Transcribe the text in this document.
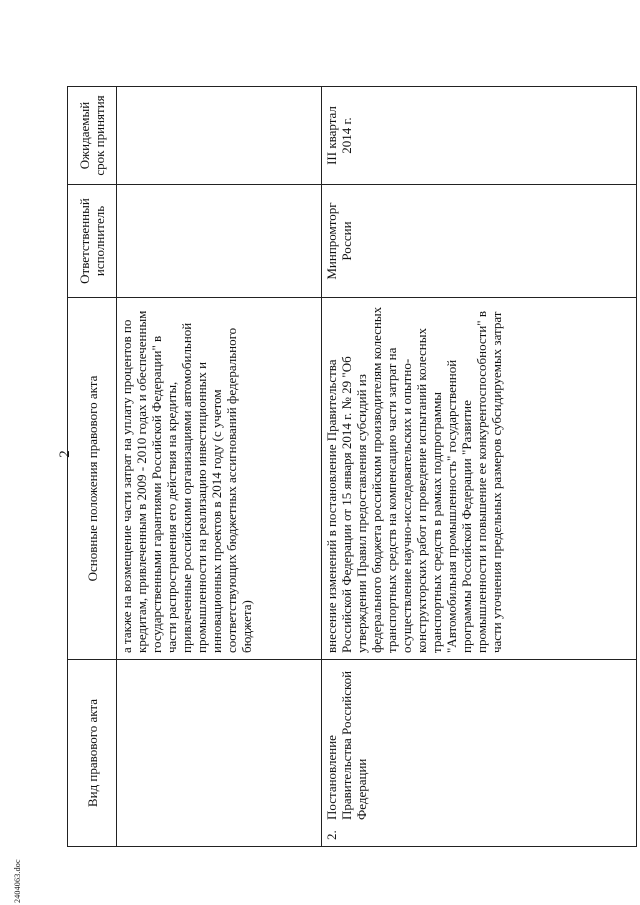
2
2404063.doc
Вид правового акта	Основные положения правового акта	Ответственный исполнитель	Ожидаемый срок принятия
	а также на возмещение части затрат на уплату процентов по кредитам, привлеченным в 2009 - 2010 годах и обеспеченным государственными гарантиями Российской Федерации" в части распространения его действия на кредиты, привлеченные российскими организациями автомобильной промышленности на реализацию инвестиционных и инновационных проектов в 2014 году (с учетом соответствующих бюджетных ассигнований федерального бюджета)		
2.Постановление Правительства Российской Федерации	внесение изменений в постановление Правительства Российской Федерации от 15 января 2014 г. № 29 "Об утверждении Правил предоставления субсидий из федерального бюджета российским производителям колесных транспортных средств на компенсацию части затрат на осуществление научно-исследовательских и опытно-конструкторских работ и проведение испытаний колесных транспортных средств в рамках подпрограммы "Автомобильная промышленность" государственной программы Российской Федерации "Развитие промышленности и повышение ее конкурентоспособности" в части уточнения предельных размеров субсидируемых затрат	Минпромторг России	III квартал 2014 г.
